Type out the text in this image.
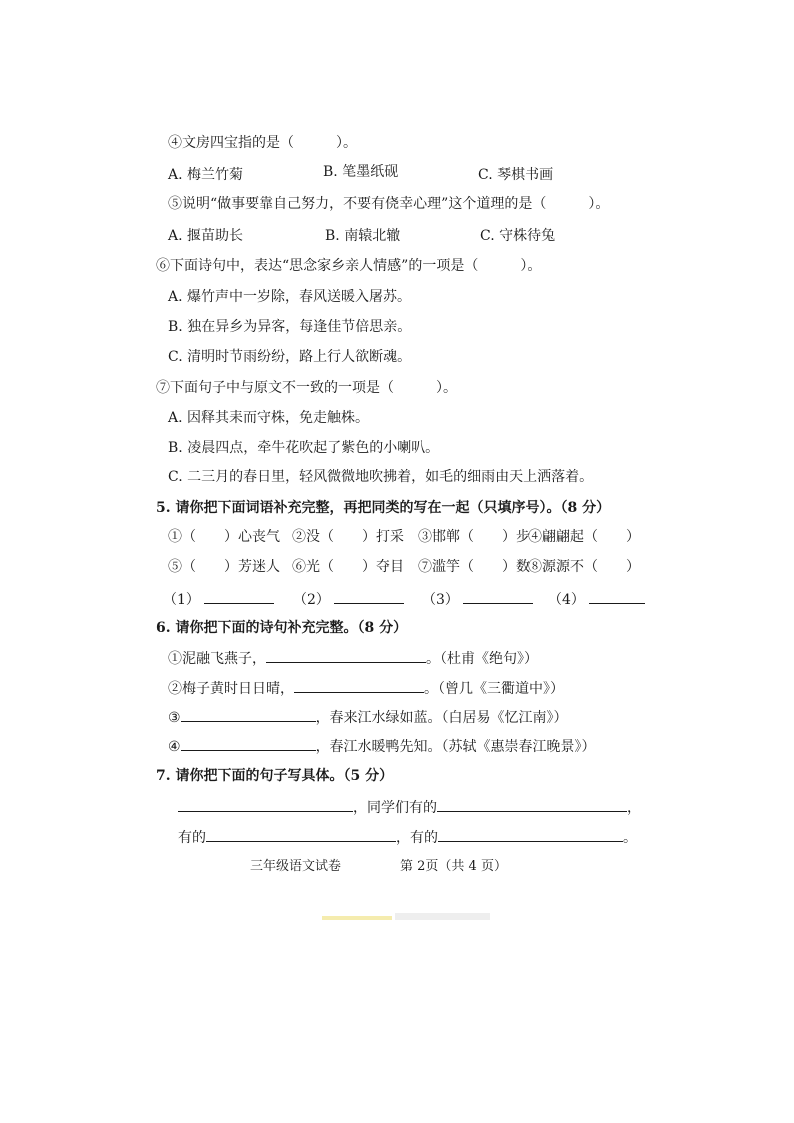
④文房四宝指的是（　　　）。
A. 梅兰竹菊	B. 笔墨纸砚	C. 琴棋书画
⑤说明“做事要靠自己努力，不要有侥幸心理”这个道理的是（　　　）。
A. 揠苗助长	B. 南辕北辙	C. 守株待兔
⑥下面诗句中，表达“思念家乡亲人情感”的一项是（　　　）。
A. 爆竹声中一岁除，春风送暖入屠苏。
B. 独在异乡为异客，每逢佳节倍思亲。
C. 清明时节雨纷纷，路上行人欲断魂。
⑦下面句子中与原文不一致的一项是（　　　）。
A. 因释其耒而守株，免走触株。
B. 凌晨四点，牵牛花吹起了紫色的小喇叭。
C. 二三月的春日里，轻风微微地吹拂着，如毛的细雨由天上洒落着。
5. 请你把下面词语补充完整，再把同类的写在一起（只填序号）。（8 分）
①（　　）心丧气 ②没（　　）打采 ③邯郸（　　）步
④翩翩起（　　）
⑤（　　）芳迷人 ⑥光（　　）夺目 ⑦滥竽（　　）数
⑧源源不（　　）
（1）	（2）	（3）	（4）
6. 请你把下面的诗句补充完整。（8 分）
①泥融飞燕子，	。（杜甫《绝句》）
②梅子黄时日日晴，	。（曾几《三衢道中》）
③	，春来江水绿如蓝。（白居易《忆江南》）
④	，春江水暖鸭先知。（苏轼《惠崇春江晚景》）
7. 请你把下面的句子写具体。（5 分）
，同学们有的	，
有的	，有的	。
三年级语文试卷	第 2页（共 4 页）
